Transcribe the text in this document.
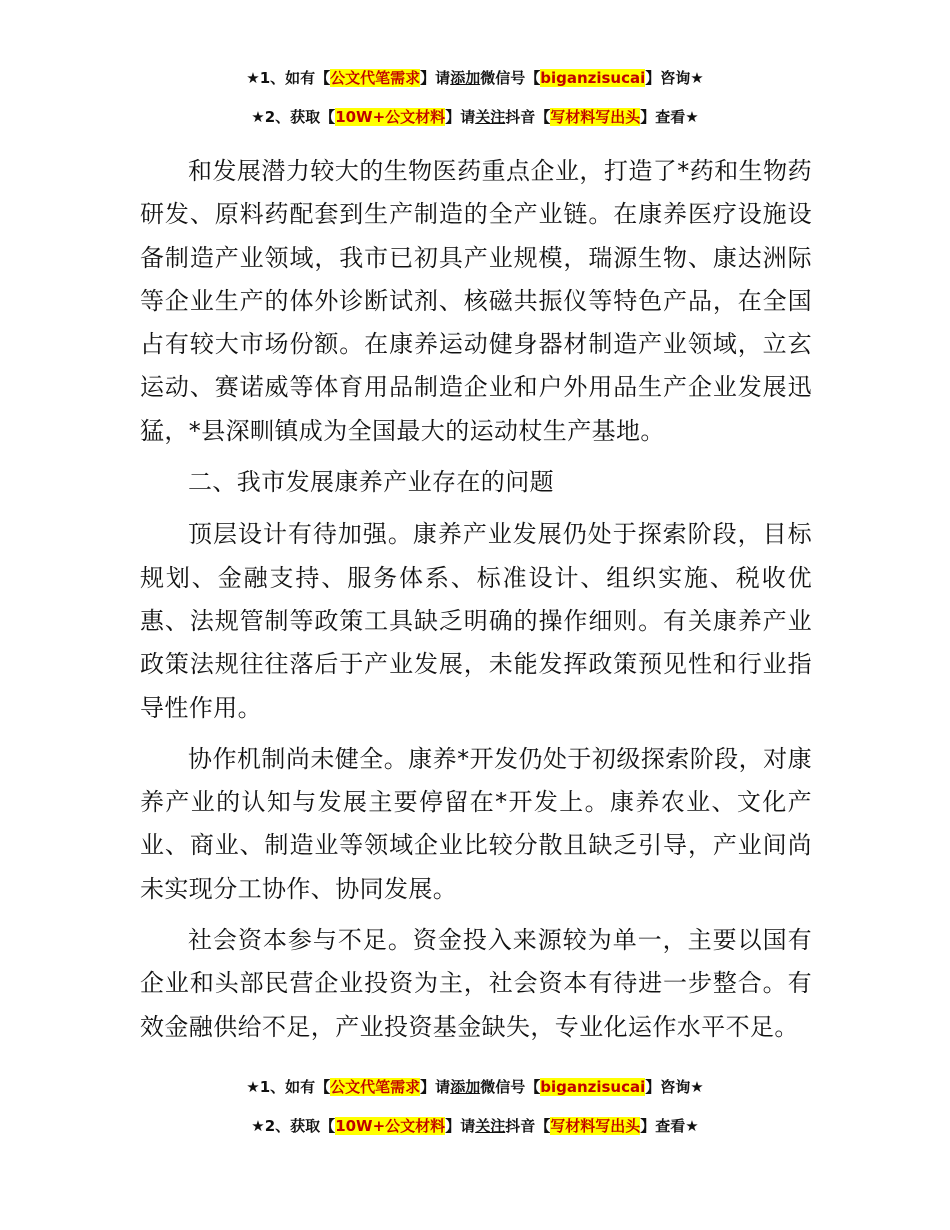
★1、如有【公文代笔需求】请添加微信号【biganzisucai】咨询★
★2、获取【10W+公文材料】请关注抖音【写材料写出头】查看★

和发展潜力较大的生物医药重点企业，打造了*药和生物药研发、原料药配套到生产制造的全产业链。在康养医疗设施设备制造产业领域，我市已初具产业规模，瑞源生物、康达洲际等企业生产的体外诊断试剂、核磁共振仪等特色产品，在全国占有较大市场份额。在康养运动健身器材制造产业领域，立玄运动、赛诺威等体育用品制造企业和户外用品生产企业发展迅猛，*县深甽镇成为全国最大的运动杖生产基地。

二、我市发展康养产业存在的问题

顶层设计有待加强。康养产业发展仍处于探索阶段，目标规划、金融支持、服务体系、标准设计、组织实施、税收优惠、法规管制等政策工具缺乏明确的操作细则。有关康养产业政策法规往往落后于产业发展，未能发挥政策预见性和行业指导性作用。

协作机制尚未健全。康养*开发仍处于初级探索阶段，对康养产业的认知与发展主要停留在*开发上。康养农业、文化产业、商业、制造业等领域企业比较分散且缺乏引导，产业间尚未实现分工协作、协同发展。

社会资本参与不足。资金投入来源较为单一，主要以国有企业和头部民营企业投资为主，社会资本有待进一步整合。有效金融供给不足，产业投资基金缺失，专业化运作水平不足。

★1、如有【公文代笔需求】请添加微信号【biganzisucai】咨询★
★2、获取【10W+公文材料】请关注抖音【写材料写出头】查看★
